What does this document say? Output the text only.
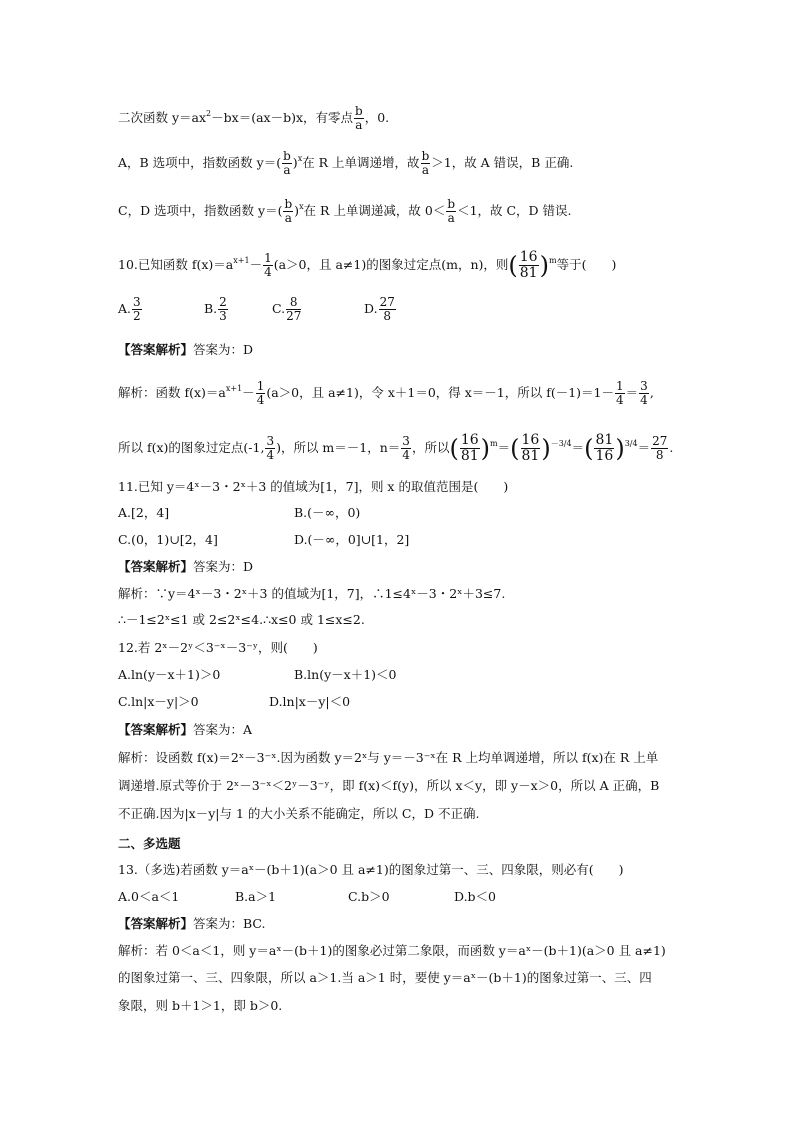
二次函数 $y=ax^2-bx=(ax-b)x$，有零点 $\frac{b}{a}$ ，0.
A，B 选项中，指数函数 $y=( \frac{b}{a} )^x$在 R 上单调递增，故 $\frac{b}{a} >1$，故 A 错误，B 正确.
C，D 选项中，指数函数 $y=( \frac{b}{a} )^x$在 R 上单调递减，故 $0< \frac{b}{a} <1$，故 C，D 错误.
10.已知函数 $f(x)=a^{x+1}- \frac{1}{4} (a>0$，且 a≠1)的图象过定点(m，n)，则( $\frac{16}{81} )^m$等于(　　)
A. $\frac{3}{2}$	B. $\frac{2}{3}$	C. $\frac{8}{27}$	D. $\frac{27}{8}$
【答案解析】答案为：D
解析：函数 $f(x)=a^{x+1}- \frac{1}{4} (a>0$，且 a≠1)，令 x＋1＝0，得 x＝－1，所以 $f(-1)=1- \frac{1}{4} = \frac{3}{4}$ ,
所以 f(x)的图象过定点(-1, $\frac{3}{4}$ )，所以 m＝－1，$n= \frac{3}{4}$ ，所以( $\frac{16}{81} )^m=( \frac{16}{81} )^{-3/4}=( \frac{81}{16} )^{3/4}= \frac{27}{8}$ .
11.已知 y＝4ˣ－3・2ˣ＋3 的值域为[1，7]，则 x 的取值范围是(　　)
A.[2，4]	B.(－∞，0)
C.(0，1)∪[2，4]	D.(－∞，0]∪[1，2]
【答案解析】答案为：D
解析：∵y＝4ˣ－3・2ˣ＋3 的值域为[1，7]，∴1≤4ˣ－3・2ˣ＋3≤7.
∴－1≤2ˣ≤1 或 2≤2ˣ≤4.∴x≤0 或 1≤x≤2.
12.若 2ˣ－2ʸ＜3⁻ˣ－3⁻ʸ，则(　　)
A.ln(y－x＋1)＞0	B.ln(y－x＋1)＜0
C.ln|x－y|＞0	D.ln|x－y|＜0
【答案解析】答案为：A
解析：设函数 f(x)＝2ˣ－3⁻ˣ.因为函数 y＝2ˣ与 y＝－3⁻ˣ在 R 上均单调递增，所以 f(x)在 R 上单
调递增.原式等价于 2ˣ－3⁻ˣ＜2ʸ－3⁻ʸ，即 f(x)＜f(y)，所以 x＜y，即 y－x＞0，所以 A 正确，B
不正确.因为|x－y|与 1 的大小关系不能确定，所以 C，D 不正确.
二、多选题
13.（多选)若函数 y＝aˣ－(b＋1)(a＞0 且 a≠1)的图象过第一、三、四象限，则必有(　　)
A.0＜a＜1	B.a＞1	C.b＞0	D.b＜0
【答案解析】答案为：BC.
解析：若 0＜a＜1，则 y＝aˣ－(b＋1)的图象必过第二象限，而函数 y＝aˣ－(b＋1)(a＞0 且 a≠1)
的图象过第一、三、四象限，所以 a＞1.当 a＞1 时，要使 y＝aˣ－(b＋1)的图象过第一、三、四
象限，则 b＋1＞1，即 b＞0.
